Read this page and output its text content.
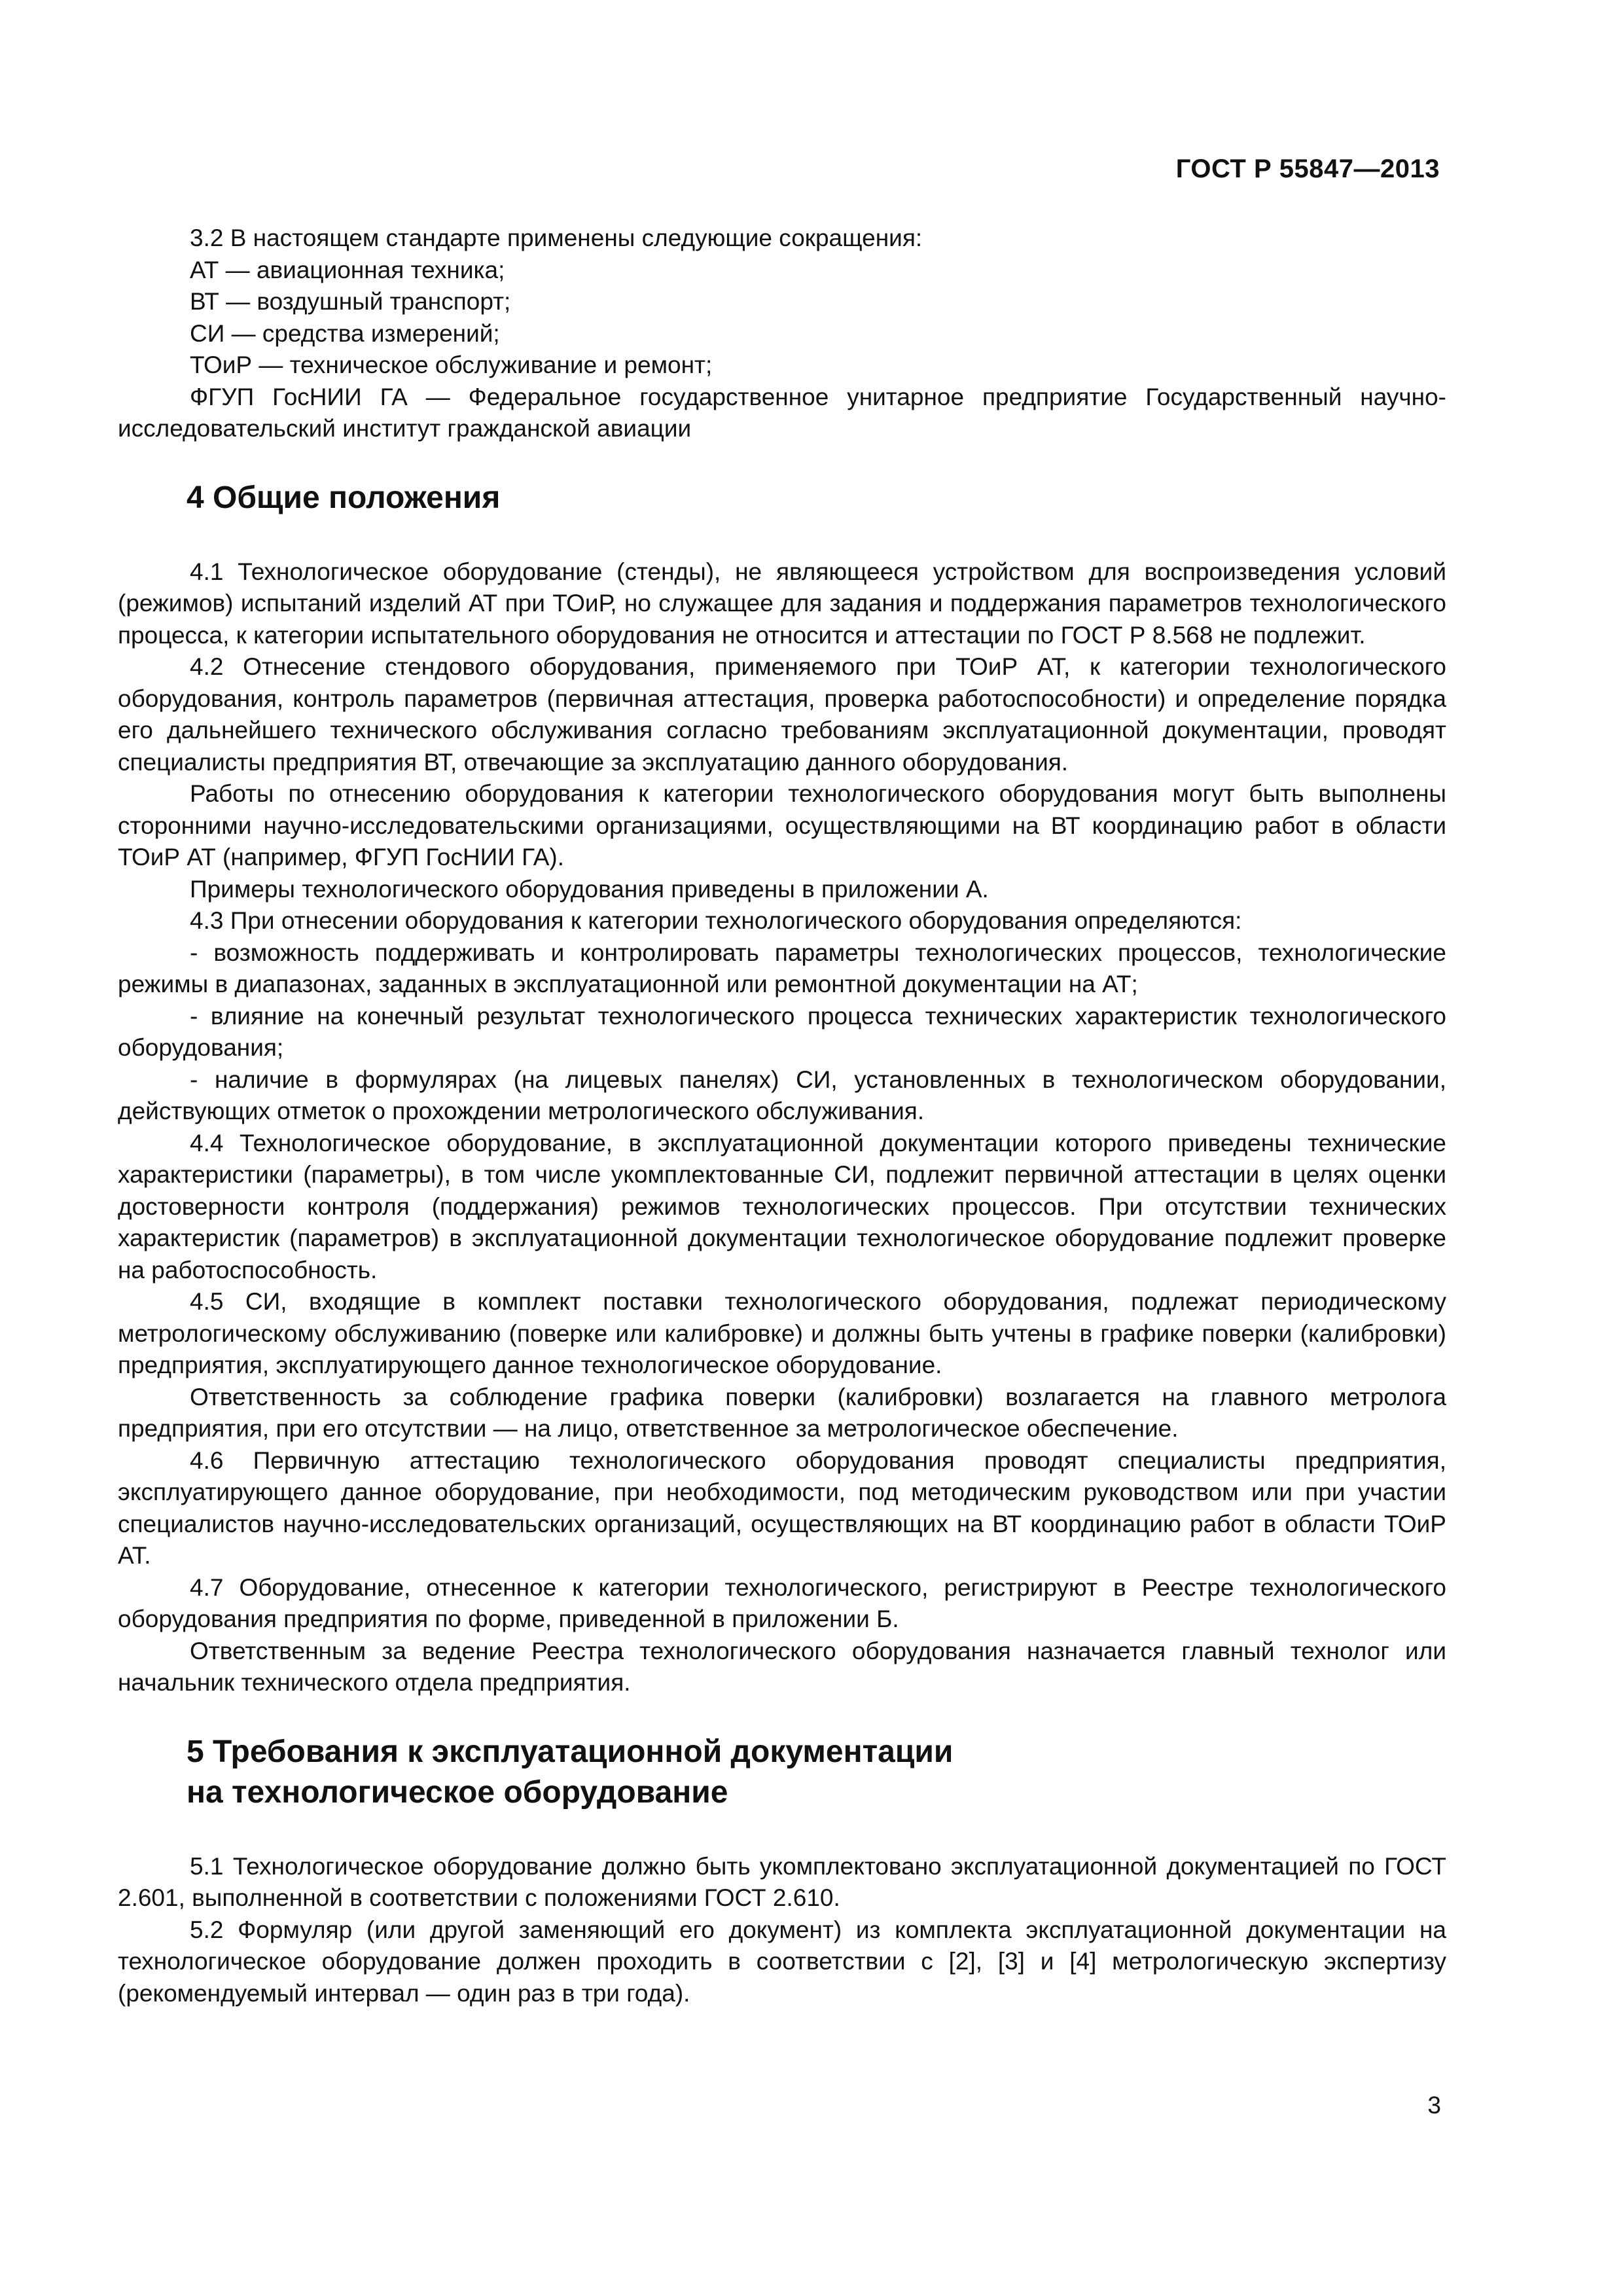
ГОСТ Р 55847—2013

3.2 В настоящем стандарте применены следующие сокращения:

АТ — авиационная техника;

ВТ — воздушный транспорт;

СИ — средства измерений;

ТОиР — техническое обслуживание и ремонт;

ФГУП ГосНИИ ГА — Федеральное государственное унитарное предприятие Государственный научно-исследовательский институт гражданской авиации

4 Общие положения

4.1 Технологическое оборудование (стенды), не являющееся устройством для воспроизведения условий (режимов) испытаний изделий АТ при ТОиР, но служащее для задания и поддержания параметров технологического процесса, к категории испытательного оборудования не относится и аттестации по ГОСТ Р 8.568 не подлежит.

4.2 Отнесение стендового оборудования, применяемого при ТОиР АТ, к категории технологического оборудования, контроль параметров (первичная аттестация, проверка работоспособности) и определение порядка его дальнейшего технического обслуживания согласно требованиям эксплуатационной документации, проводят специалисты предприятия ВТ, отвечающие за эксплуатацию данного оборудования.

Работы по отнесению оборудования к категории технологического оборудования могут быть выполнены сторонними научно-исследовательскими организациями, осуществляющими на ВТ координацию работ в области ТОиР АТ (например, ФГУП ГосНИИ ГА).

Примеры технологического оборудования приведены в приложении А.

4.3 При отнесении оборудования к категории технологического оборудования определяются:

- возможность поддерживать и контролировать параметры технологических процессов, технологические режимы в диапазонах, заданных в эксплуатационной или ремонтной документации на АТ;

- влияние на конечный результат технологического процесса технических характеристик технологического оборудования;

- наличие в формулярах (на лицевых панелях) СИ, установленных в технологическом оборудовании, действующих отметок о прохождении метрологического обслуживания.

4.4 Технологическое оборудование, в эксплуатационной документации которого приведены технические характеристики (параметры), в том числе укомплектованные СИ, подлежит первичной аттестации в целях оценки достоверности контроля (поддержания) режимов технологических процессов. При отсутствии технических характеристик (параметров) в эксплуатационной документации технологическое оборудование подлежит проверке на работоспособность.

4.5 СИ, входящие в комплект поставки технологического оборудования, подлежат периодическому метрологическому обслуживанию (поверке или калибровке) и должны быть учтены в графике поверки (калибровки) предприятия, эксплуатирующего данное технологическое оборудование.

Ответственность за соблюдение графика поверки (калибровки) возлагается на главного метролога предприятия, при его отсутствии — на лицо, ответственное за метрологическое обеспечение.

4.6 Первичную аттестацию технологического оборудования проводят специалисты предприятия, эксплуатирующего данное оборудование, при необходимости, под методическим руководством или при участии специалистов научно-исследовательских организаций, осуществляющих на ВТ координацию работ в области ТОиР АТ.

4.7 Оборудование, отнесенное к категории технологического, регистрируют в Реестре технологического оборудования предприятия по форме, приведенной в приложении Б.

Ответственным за ведение Реестра технологического оборудования назначается главный технолог или начальник технического отдела предприятия.

5 Требования к эксплуатационной документации
на технологическое оборудование

5.1 Технологическое оборудование должно быть укомплектовано эксплуатационной документацией по ГОСТ 2.601, выполненной в соответствии с положениями ГОСТ 2.610.

5.2 Формуляр (или другой заменяющий его документ) из комплекта эксплуатационной документации на технологическое оборудование должен проходить в соответствии с [2], [3] и [4] метрологическую экспертизу (рекомендуемый интервал — один раз в три года).

3
